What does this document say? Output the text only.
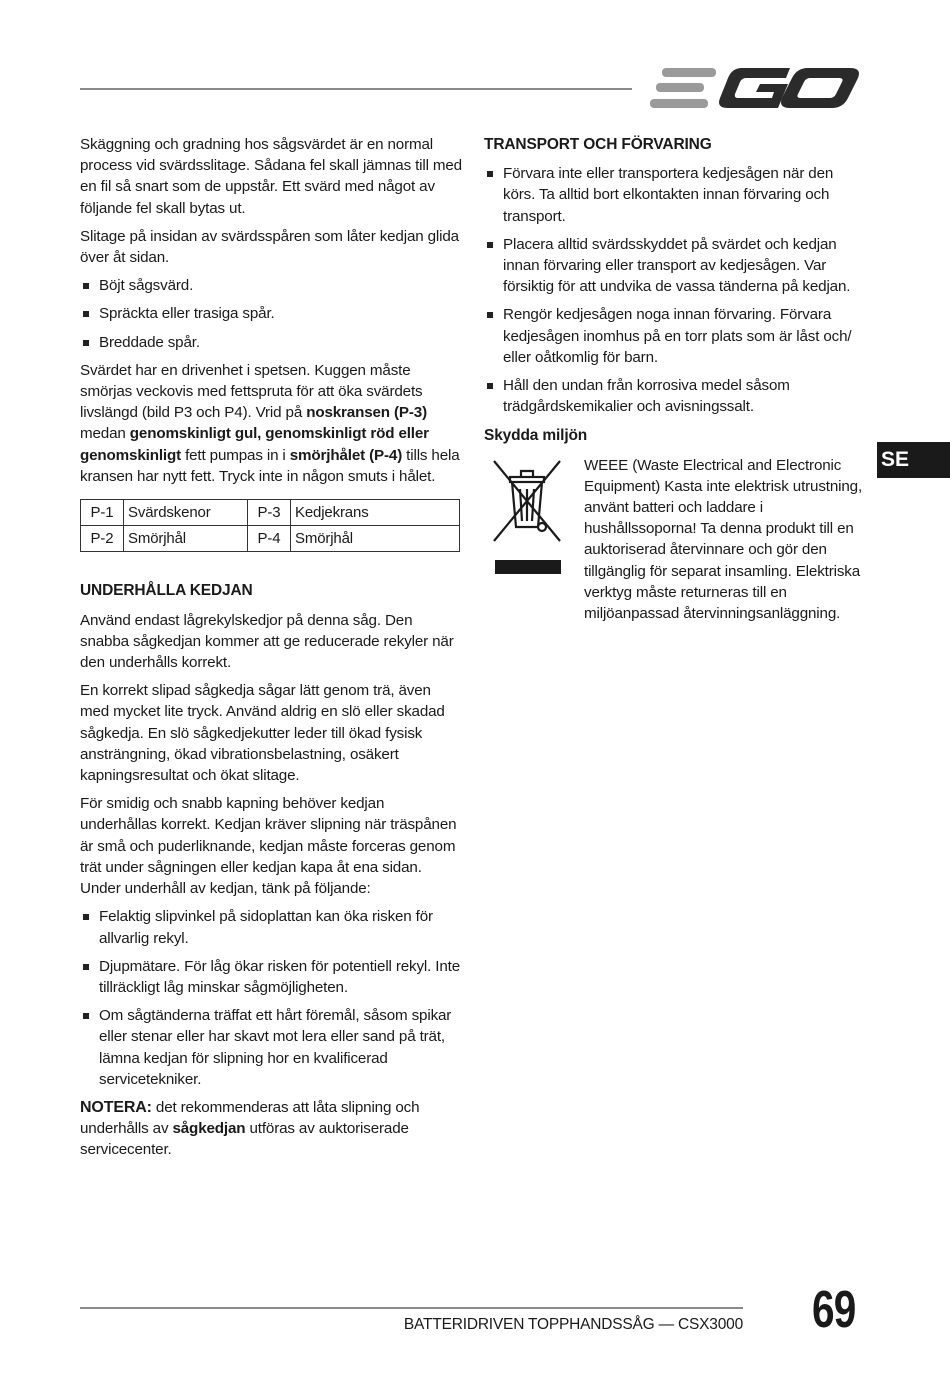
Skäggning och gradning hos sågsvärdet är en normal process vid svärdsslitage. Sådana fel skall jämnas till med en fil så snart som de uppstår. Ett svärd med något av följande fel skall bytas ut.

Slitage på insidan av svärdsspåren som låter kedjan glida över åt sidan.

Böjt sågsvärd.
Spräckta eller trasiga spår.
Breddade spår.

Svärdet har en drivenhet i spetsen. Kuggen måste smörjas veckovis med fettspruta för att öka svärdets livslängd (bild P3 och P4). Vrid på noskransen (P-3) medan genomskinligt gul, genomskinligt röd eller genomskinligt fett pumpas in i smörjhålet (P-4) tills hela kransen har nytt fett. Tryck inte in någon smuts i hålet.

P-1	Svärdskenor	P-3	Kedjekrans
P-2	Smörjhål	P-4	Smörjhål
UNDERHÅLLA KEDJAN

Använd endast lågrekylskedjor på denna såg. Den snabba sågkedjan kommer att ge reducerade rekyler när den underhålls korrekt.

En korrekt slipad sågkedja sågar lätt genom trä, även med mycket lite tryck. Använd aldrig en slö eller skadad sågkedja. En slö sågkedjekutter leder till ökad fysisk ansträngning, ökad vibrationsbelastning, osäkert kapningsresultat och ökat slitage.

För smidig och snabb kapning behöver kedjan underhållas korrekt. Kedjan kräver slipning när träspånen är små och puderliknande, kedjan måste forceras genom trät under sågningen eller kedjan kapa åt ena sidan. Under underhåll av kedjan, tänk på följande:

Felaktig slipvinkel på sidoplattan kan öka risken för allvarlig rekyl.
Djupmätare. För låg ökar risken för potentiell rekyl. Inte tillräckligt låg minskar sågmöjligheten.
Om sågtänderna träffat ett hårt föremål, såsom spikar eller stenar eller har skavt mot lera eller sand på trät, lämna kedjan för slipning hor en kvalificerad servicetekniker.

NOTERA: det rekommenderas att låta slipning och underhålls av sågkedjan utföras av auktoriserade servicecenter.

TRANSPORT OCH FÖRVARING
Förvara inte eller transportera kedjesågen när den körs. Ta alltid bort elkontakten innan förvaring och transport.
Placera alltid svärdsskyddet på svärdet och kedjan innan förvaring eller transport av kedjesågen. Var försiktig för att undvika de vassa tänderna på kedjan.
Rengör kedjesågen noga innan förvaring. Förvara kedjesågen inomhus på en torr plats som är låst och/ eller oåtkomlig för barn.
Håll den undan från korrosiva medel såsom trädgårdskemikalier och avisningssalt.
Skydda miljön

WEEE (Waste Electrical and Electronic Equipment) Kasta inte elektrisk utrustning, använt batteri och laddare i hushållssoporna! Ta denna produkt till en auktoriserad återvinnare och gör den tillgänglig för separat insamling. Elektriska verktyg måste returneras till en miljöanpassad återvinningsanläggning.

SE
BATTERIDRIVEN TOPPHANDSSÅG — CSX3000 69
